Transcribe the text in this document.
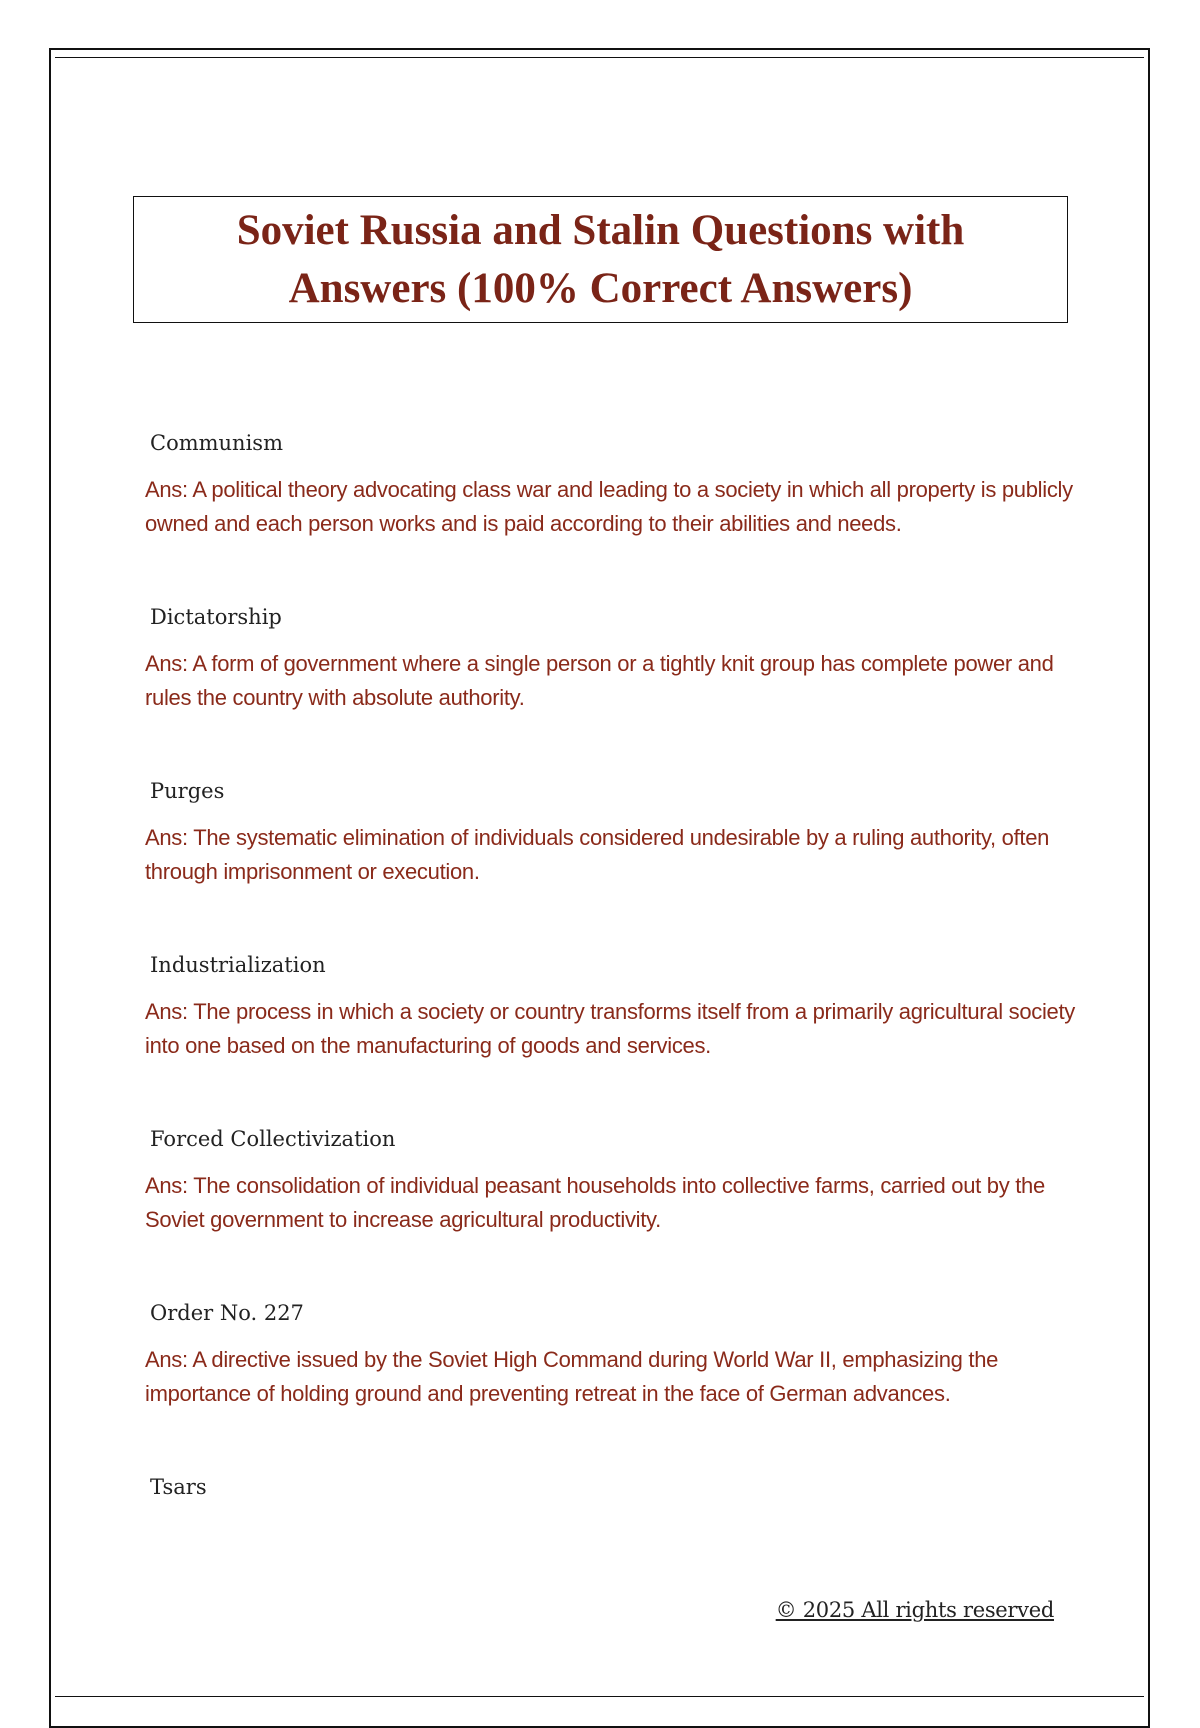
Soviet Russia and Stalin Questions with Answers (100% Correct Answers)

Communism

Ans: A political theory advocating class war and leading to a society in which all property is publicly owned and each person works and is paid according to their abilities and needs.

Dictatorship

Ans: A form of government where a single person or a tightly knit group has complete power and rules the country with absolute authority.

Purges

Ans: The systematic elimination of individuals considered undesirable by a ruling authority, often through imprisonment or execution.

Industrialization

Ans: The process in which a society or country transforms itself from a primarily agricultural society into one based on the manufacturing of goods and services.

Forced Collectivization

Ans: The consolidation of individual peasant households into collective farms, carried out by the Soviet government to increase agricultural productivity.

Order No. 227

Ans: A directive issued by the Soviet High Command during World War II, emphasizing the importance of holding ground and preventing retreat in the face of German advances.

Tsars

© 2025 All rights reserved
